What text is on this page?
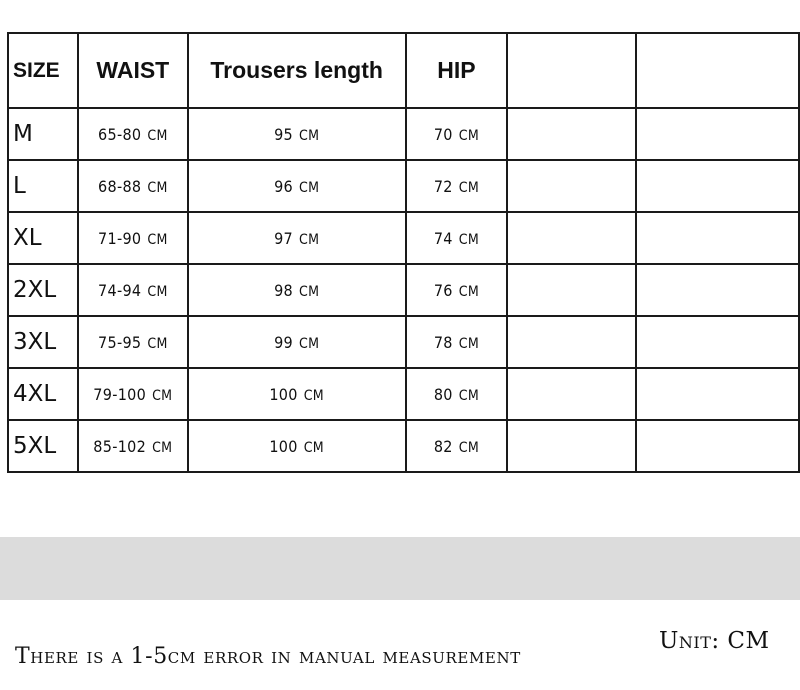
SIZE	WAIST	Trousers length	HIP		
M	65-80 CM	95 CM	70 CM		
L	68-88 CM	96 CM	72 CM		
XL	71-90 CM	97 CM	74 CM		
2XL	74-94 CM	98 CM	76 CM		
3XL	75-95 CM	99 CM	78 CM		
4XL	79-100 CM	100 CM	80 CM		
5XL	85-102 CM	100 CM	82 CM		
There is a 1-5cm error in manual measurement
Unit: CM
